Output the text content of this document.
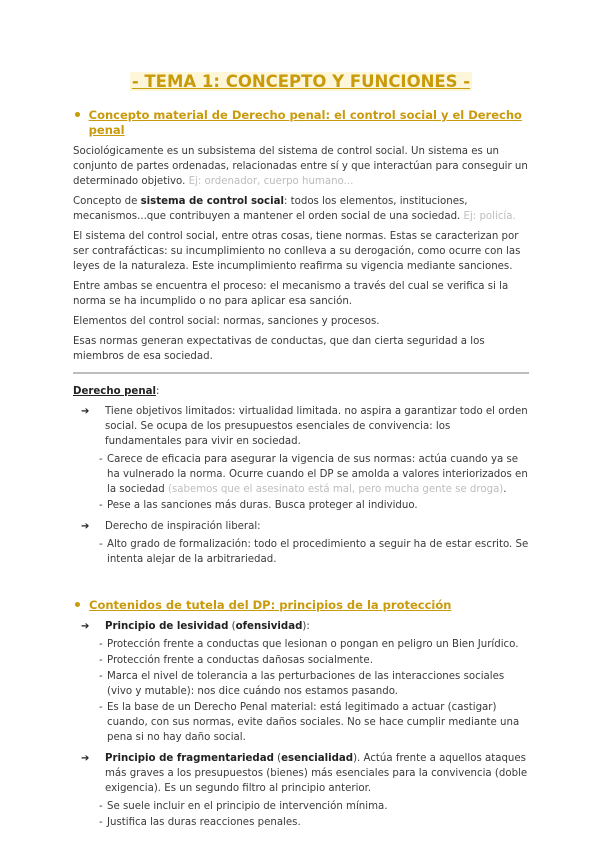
- TEMA 1: CONCEPTO Y FUNCIONES -
Concepto material de Derecho penal: el control social y el Derecho penal

Sociológicamente es un subsistema del sistema de control social. Un sistema es un conjunto de partes ordenadas, relacionadas entre sí y que interactúan para conseguir un determinado objetivo. Ej: ordenador, cuerpo humano...

Concepto de sistema de control social: todos los elementos, instituciones, mecanismos...que contribuyen a mantener el orden social de una sociedad. Ej: policía.

El sistema del control social, entre otras cosas, tiene normas. Estas se caracterizan por ser contrafácticas: su incumplimiento no conlleva a su derogación, como ocurre con las leyes de la naturaleza. Este incumplimiento reafirma su vigencia mediante sanciones.

Entre ambas se encuentra el proceso: el mecanismo a través del cual se verifica si la norma se ha incumplido o no para aplicar esa sanción.

Elementos del control social: normas, sanciones y procesos.

Esas normas generan expectativas de conductas, que dan cierta seguridad a los miembros de esa sociedad.

Derecho penal:

➔ Tiene objetivos limitados: virtualidad limitada. no aspira a garantizar todo el orden social. Se ocupa de los presupuestos esenciales de convivencia: los fundamentales para vivir en sociedad.
- Carece de eficacia para asegurar la vigencia de sus normas: actúa cuando ya se ha vulnerado la norma. Ocurre cuando el DP se amolda a valores interiorizados en la sociedad (sabemos que el asesinato está mal, pero mucha gente se droga).
- Pese a las sanciones más duras. Busca proteger al individuo.
➔ Derecho de inspiración liberal:
- Alto grado de formalización: todo el procedimiento a seguir ha de estar escrito. Se intenta alejar de la arbitrariedad.
Contenidos de tutela del DP: principios de la protección
➔ Principio de lesividad (ofensividad):
- Protección frente a conductas que lesionan o pongan en peligro un Bien Jurídico.
- Protección frente a conductas dañosas socialmente.
- Marca el nivel de tolerancia a las perturbaciones de las interacciones sociales (vivo y mutable): nos dice cuándo nos estamos pasando.
- Es la base de un Derecho Penal material: está legitimado a actuar (castigar) cuando, con sus normas, evite daños sociales. No se hace cumplir mediante una pena si no hay daño social.
➔ Principio de fragmentariedad (esencialidad). Actúa frente a aquellos ataques más graves a los presupuestos (bienes) más esenciales para la convivencia (doble exigencia). Es un segundo filtro al principio anterior.
- Se suele incluir en el principio de intervención mínima.
- Justifica las duras reacciones penales.
